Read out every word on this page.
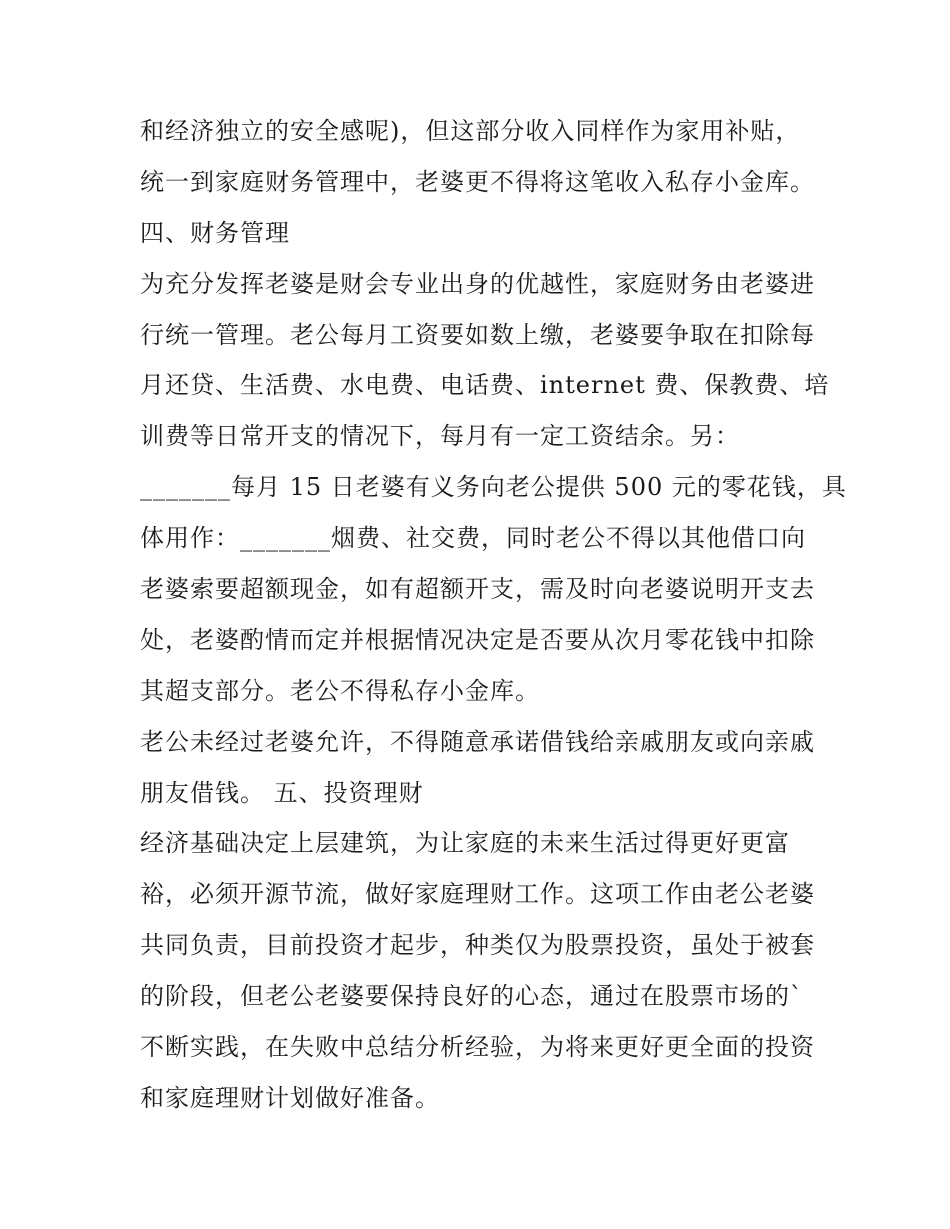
和经济独立的安全感呢)，但这部分收入同样作为家用补贴，
统一到家庭财务管理中，老婆更不得将这笔收入私存小金库。
四、财务管理
为充分发挥老婆是财会专业出身的优越性，家庭财务由老婆进
行统一管理。老公每月工资要如数上缴，老婆要争取在扣除每
月还贷、生活费、水电费、电话费、internet 费、保教费、培
训费等日常开支的情况下，每月有一定工资结余。另：
_______每月 15 日老婆有义务向老公提供 500 元的零花钱，具
体用作：_______烟费、社交费，同时老公不得以其他借口向
老婆索要超额现金，如有超额开支，需及时向老婆说明开支去
处，老婆酌情而定并根据情况决定是否要从次月零花钱中扣除
其超支部分。老公不得私存小金库。
老公未经过老婆允许，不得随意承诺借钱给亲戚朋友或向亲戚
朋友借钱。 五、投资理财
经济基础决定上层建筑，为让家庭的未来生活过得更好更富
裕，必须开源节流，做好家庭理财工作。这项工作由老公老婆
共同负责，目前投资才起步，种类仅为股票投资，虽处于被套
的阶段，但老公老婆要保持良好的心态，通过在股票市场的`
不断实践，在失败中总结分析经验，为将来更好更全面的投资
和家庭理财计划做好准备。
